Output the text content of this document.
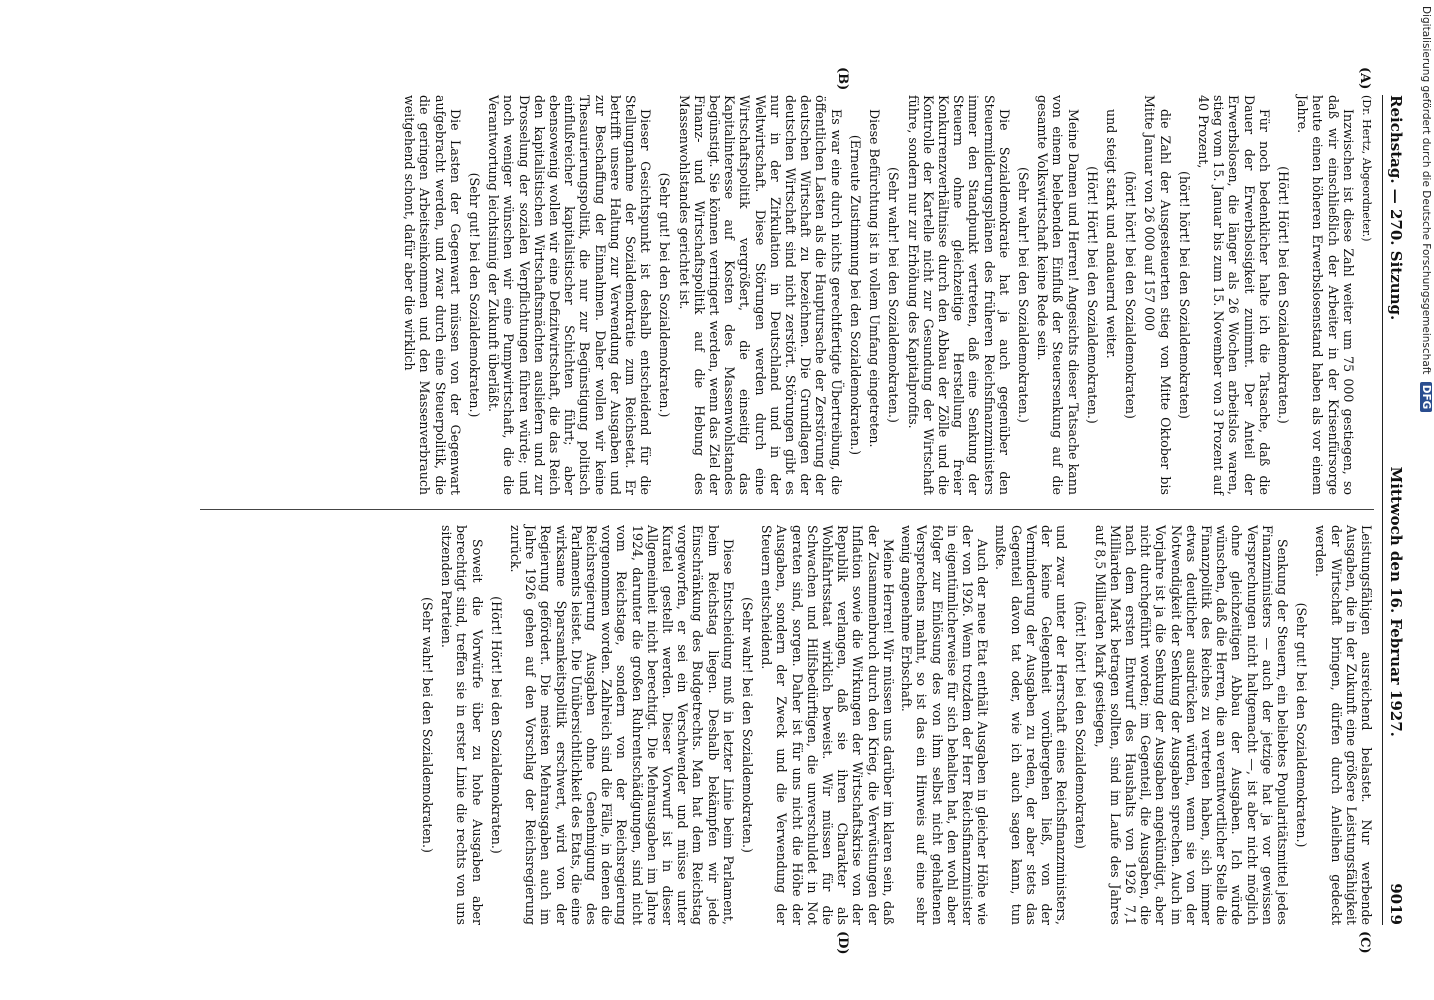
Reichstag. — 270. Sitzung.
Mittwoch den 16. Februar 1927.
9019

(Dr. Hertz, Abgeordneter.)

Inzwischen ist diese Zahl weiter um 75 000 gestiegen, so daß wir einschließlich der Arbeiter in der Krisenfürsorge heute einen höheren Erwerbslosenstand haben als vor einem Jahre.

(Hört! Hört! bei den Sozialdemokraten.)

Für noch bedenklicher halte ich die Tatsache, daß die Dauer der Erwerbslosigkeit zunimmt. Der Anteil der Erwerbslosen, die länger als 26 Wochen arbeitslos waren, stieg vom 15. Januar bis zum 15. November von 3 Prozent auf 40 Prozent,

(hört! hört! bei den Sozialdemokraten)

die Zahl der Ausgesteuerten stieg von Mitte Oktober bis Mitte Januar von 26 000 auf 157 000

(hört! hört! bei den Sozialdemokraten)

und steigt stark und andauernd weiter.

(Hört! Hört! bei den Sozialdemokraten.)

Meine Damen und Herren! Angesichts dieser Tatsache kann von einem belebenden Einfluß der Steuersenkung auf die gesamte Volkswirtschaft keine Rede sein.

(Sehr wahr! bei den Sozialdemokraten.)

Die Sozialdemokratie hat ja auch gegenüber den Steuermilderungsplänen des früheren Reichsfinanzministers immer den Standpunkt vertreten, daß eine Senkung der Steuern ohne gleichzeitige Herstellung freier Konkurrenzverhältnisse durch den Abbau der Zölle und die Kontrolle der Kartelle nicht zur Gesundung der Wirtschaft führe, sondern nur zur Erhöhung des Kapitalprofits.

(Sehr wahr! bei den Sozialdemokraten.)

Diese Befürchtung ist in vollem Umfang eingetreten.

(Erneute Zustimmung bei den Sozialdemokraten.)

Es war eine durch nichts gerechtfertigte Übertreibung, die öffentlichen Lasten als die Hauptursache der Zerstörung der deutschen Wirtschaft zu bezeichnen. Die Grundlagen der deutschen Wirtschaft sind nicht zerstört. Störungen gibt es nur in der Zirkulation in Deutschland und in der Weltwirtschaft. Diese Störungen werden durch eine Wirtschaftspolitik vergrößert, die einseitig das Kapitalinteresse auf Kosten des Massenwohlstandes begünstigt. Sie können verringert werden, wenn das Ziel der Finanz- und Wirtschaftspolitik auf die Hebung des Massenwohlstandes gerichtet ist.

(Sehr gut! bei den Sozialdemokraten.)

Dieser Gesichtspunkt ist deshalb entscheidend für die Stellungnahme der Sozialdemokratie zum Reichsetat. Er betrifft unsere Haltung zur Verwendung der Ausgaben und zur Beschaffung der Einnahmen. Daher wollen wir keine Thesaurierungspolitik, die nur zur Begünstigung politisch einflußreicher kapitalistischer Schichten führt; aber ebensowenig wollen wir eine Defizitwirtschaft, die das Reich den kapitalistischen Wirtschaftsmächten ausliefern und zur Drosselung der sozialen Verpflichtungen führen würde; und noch weniger wünschen wir eine Pumpwirtschaft, die die Verantwortung leichtsinnig der Zukunft überläßt.

(Sehr gut! bei den Sozialdemokraten.)

Die Lasten der Gegenwart müssen von der Gegenwart aufgebracht werden, und zwar durch eine Steuerpolitik, die die geringen Arbeitseinkommen und den Massenverbrauch weitgehend schont, dafür aber die wirklich

Leistungsfähigen ausreichend belastet. Nur werbende Ausgaben, die in der Zukunft eine größere Leistungsfähigkeit der Wirtschaft bringen, dürfen durch Anleihen gedeckt werden.

(Sehr gut! bei den Sozialdemokraten.)

Senkung der Steuern, ein beliebtes Popularitätsmittel jedes Finanzministers — auch der jetzige hat ja vor gewissen Versprechungen nicht haltgemacht —, ist aber nicht möglich ohne gleichzeitigen Abbau der Ausgaben. Ich würde wünschen, daß die Herren, die an verantwortlicher Stelle die Finanzpolitik des Reiches zu vertreten haben, sich immer etwas deutlicher ausdrücken würden, wenn sie von der Notwendigkeit der Senkung der Ausgaben sprechen. Auch im Vorjahre ist ja die Senkung der Ausgaben angekündigt, aber nicht durchgeführt worden; im Gegenteil, die Ausgaben, die nach dem ersten Entwurf des Haushalts von 1926 7,1 Milliarden Mark betragen sollten, sind im Laufe des Jahres auf 8,5 Milliarden Mark gestiegen,

(hört! hört! bei den Sozialdemokraten)

und zwar unter der Herrschaft eines Reichsfinanzministers, der keine Gelegenheit vorübergehen ließ, von der Verminderung der Ausgaben zu reden, der aber stets das Gegenteil davon tat oder, wie ich auch sagen kann, tun mußte.

Auch der neue Etat enthält Ausgaben in gleicher Höhe wie der von 1926. Wenn trotzdem der Herr Reichsfinanzminister in eigentümlicherweise für sich behalten hat, den wohl aber folger zur Einlösung des von ihm selbst nicht gehaltenen Versprechens mahnt, so ist das ein Hinweis auf eine sehr wenig angenehme Erbschaft.

Meine Herren! Wir müssen uns darüber im klaren sein, daß der Zusammenbruch durch den Krieg, die Verwüstungen der Inflation sowie die Wirkungen der Wirtschaftskrise von der Republik verlangen, daß sie ihren Charakter als Wohlfahrtsstaat wirklich beweist. Wir müssen für die Schwachen und Hilfsbedürftigen, die unverschuldet in Not geraten sind, sorgen. Daher ist für uns nicht die Höhe der Ausgaben, sondern der Zweck und die Verwendung der Steuern entscheidend.

(Sehr wahr! bei den Sozialdemokraten.)

Diese Entscheidung muß in letzter Linie beim Parlament, beim Reichstag liegen. Deshalb bekämpfen wir jede Einschränkung des Budgetrechts. Man hat dem Reichstag vorgeworfen, er sei ein Verschwender und müsse unter Kuratel gestellt werden. Dieser Vorwurf ist in dieser Allgemeinheit nicht berechtigt. Die Mehrausgaben im Jahre 1924, darunter die großen Ruhrentschädigungen, sind nicht vom Reichstage, sondern von der Reichsregierung vorgenommen worden. Zahlreich sind die Fälle, in denen die Reichsregierung Ausgaben ohne Genehmigung des Parlaments leistet. Die Unübersichtlichkeit des Etats, die eine wirksame Sparsamkeitspolitik erschwert, wird von der Regierung gefördert. Die meisten Mehrausgaben auch im Jahre 1926 gehen auf den Vorschlag der Reichsregierung zurück.

(Hört! Hört! bei den Sozialdemokraten.)

Soweit die Vorwürfe über zu hohe Ausgaben aber berechtigt sind, treffen sie in erster Linie die rechts von uns sitzenden Parteien.

(Sehr wahr! bei den Sozialdemokraten.)

(A)
(B)
(C)
(D)
Digitalisierung gefördert durch die Deutsche Forschungsgemeinschaft DFG
